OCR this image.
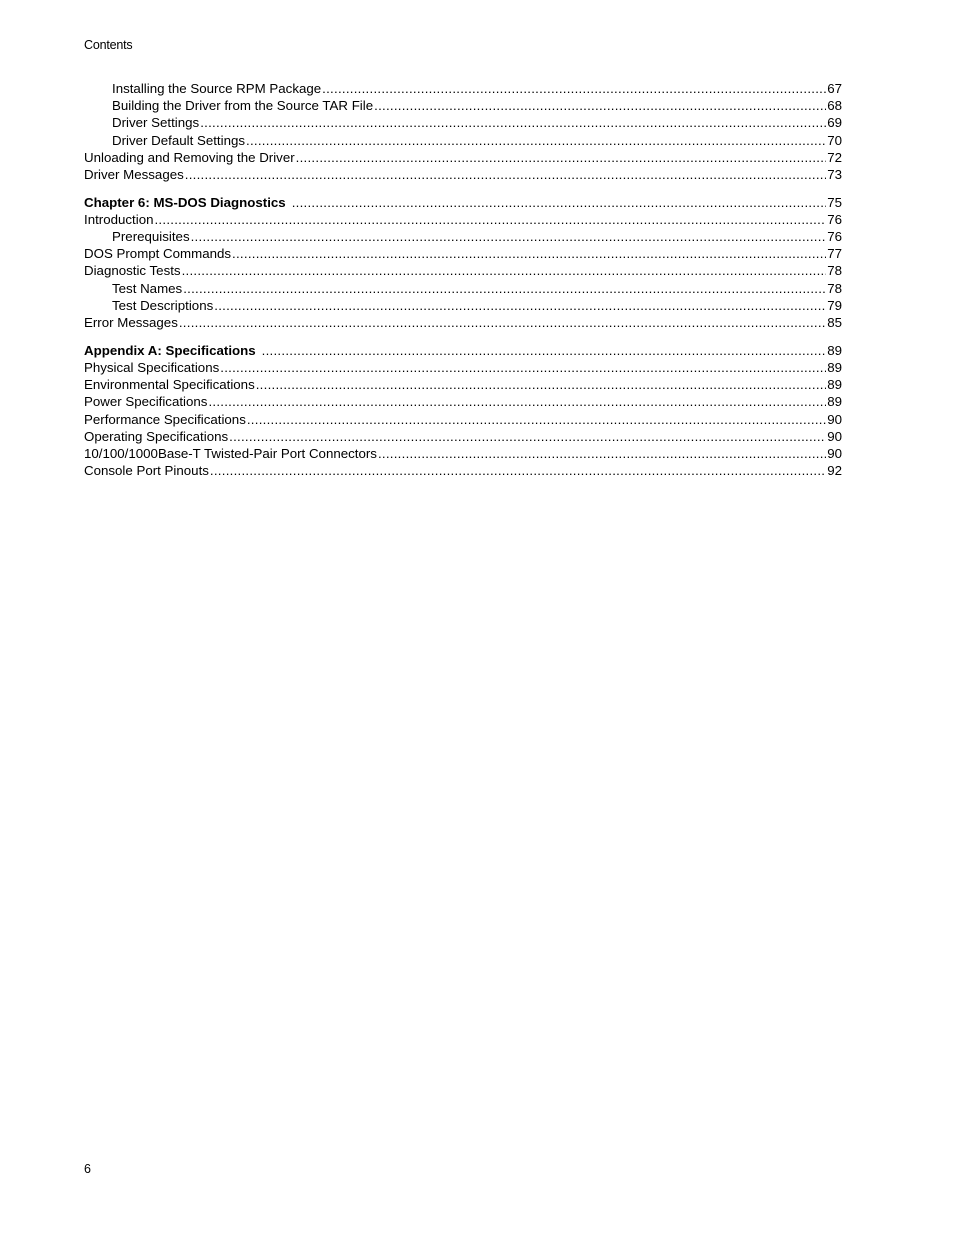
Contents
Installing the Source RPM Package .....	67
Building the Driver from the Source TAR File .....	68
Driver Settings .....	69
Driver Default Settings .....	70
Unloading and Removing the Driver .....	72
Driver Messages .....	73
Chapter 6: MS-DOS Diagnostics .....	75
Introduction .....	76
Prerequisites .....	76
DOS Prompt Commands .....	77
Diagnostic Tests .....	78
Test Names .....	78
Test Descriptions .....	79
Error Messages .....	85
Appendix A: Specifications .....	89
Physical Specifications .....	89
Environmental Specifications .....	89
Power Specifications .....	89
Performance Specifications .....	90
Operating Specifications .....	90
10/100/1000Base-T Twisted-Pair Port Connectors .....	90
Console Port Pinouts .....	92
6
